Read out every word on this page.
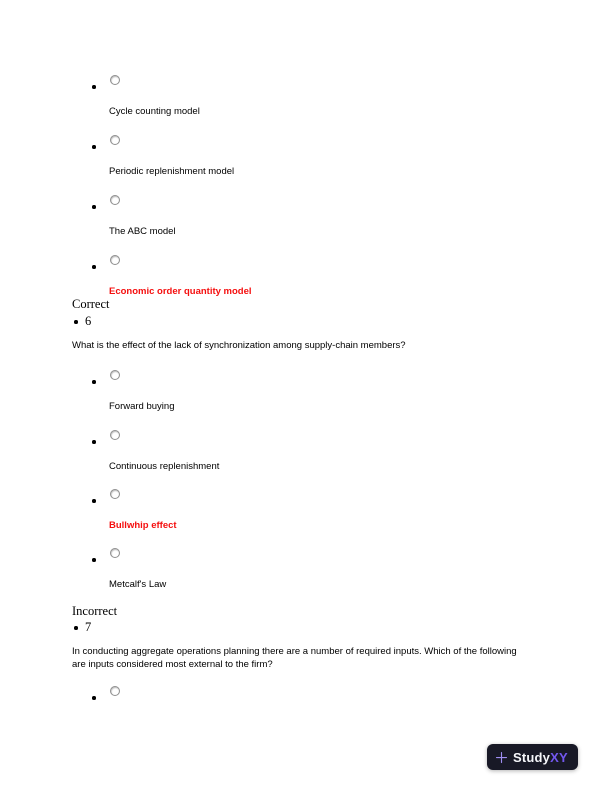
Cycle counting model
Periodic replenishment model
The ABC model
Economic order quantity model
Correct
6
What is the effect of the lack of synchronization among supply-chain members?
Forward buying
Continuous replenishment
Bullwhip effect
Metcalf's Law
Incorrect
7
In conducting aggregate operations planning there are a number of required inputs. Which of the following are inputs considered most external to the firm?
Study XY
